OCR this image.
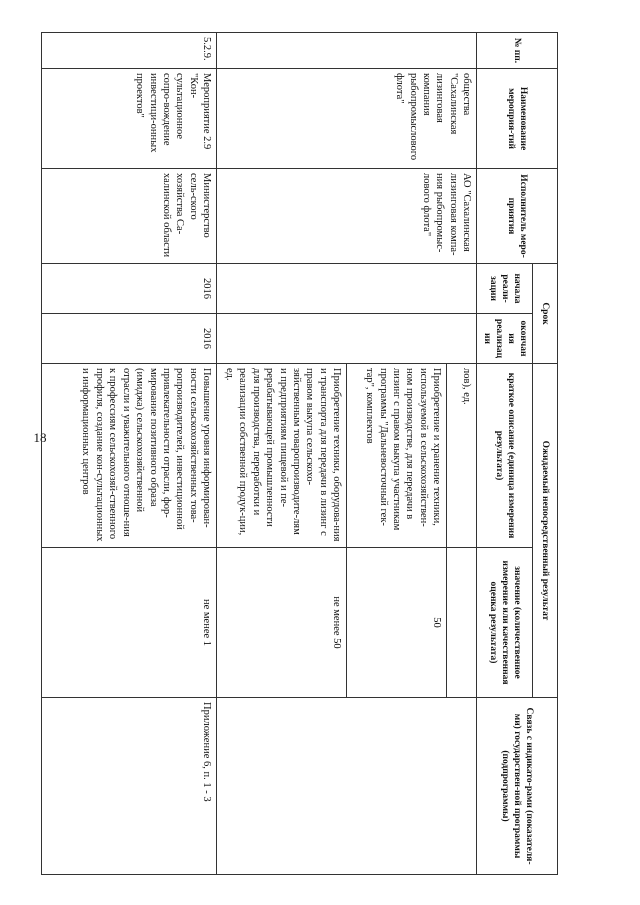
18
№ пп.	Наименование мероприя-тий	Исполнитель меро-приятия	Срок		Ожидаемый непосредственный результат		Связь с индикато-рами (показателя-ми) государствен-ной программы (подпрограммы)
			начала реали-зации	окончания реализации	краткое описание (единица измерения результата)	значение (количественное измерение или качественная оценка результата)	
	общества "Сахалинская лизинговая компания рыбопромыслового флота"	АО "Сахалинская лизинговая компа-ния рыбопромыс-лового флота"			лов), ед.		
					Приобретение и хранение техники, используемой в сельскохозяйствен-ном производстве, для передачи в лизинг с правом выкупа участникам программы "Дальневосточный гек-тар", комплектов	50	
					Приобретение техники, оборудова-ния и транспорта для передачи в лизинг с правом выкупа сельскохо-зяйственным товаропроизводите-лям и предприятиям пищевой и пе-рерабатывающей промышленности для производства, переработки и реализации собственной продук-ции, ед.	не менее 50	
5.2.9.	Мероприятие 2.9 "Кон-сультационное сопро-вождение инвестици-онных проектов"	Министерство сель-ского хозяйства Са-халинской области	2016	2016	Повышение уровня информирован-ности сельскохозяйственных това-ропроизводителей, инвестиционной привлекательности отрасли, фор-мирование позитивного образа (имиджа) сельскохозяйственной отрасли и уважительного отноше-ния к профессиям сельскохозяй-ственного профиля, создание кон-сультационных и информационных центров	не менее 1	Приложение 6, п. 1 - 3
